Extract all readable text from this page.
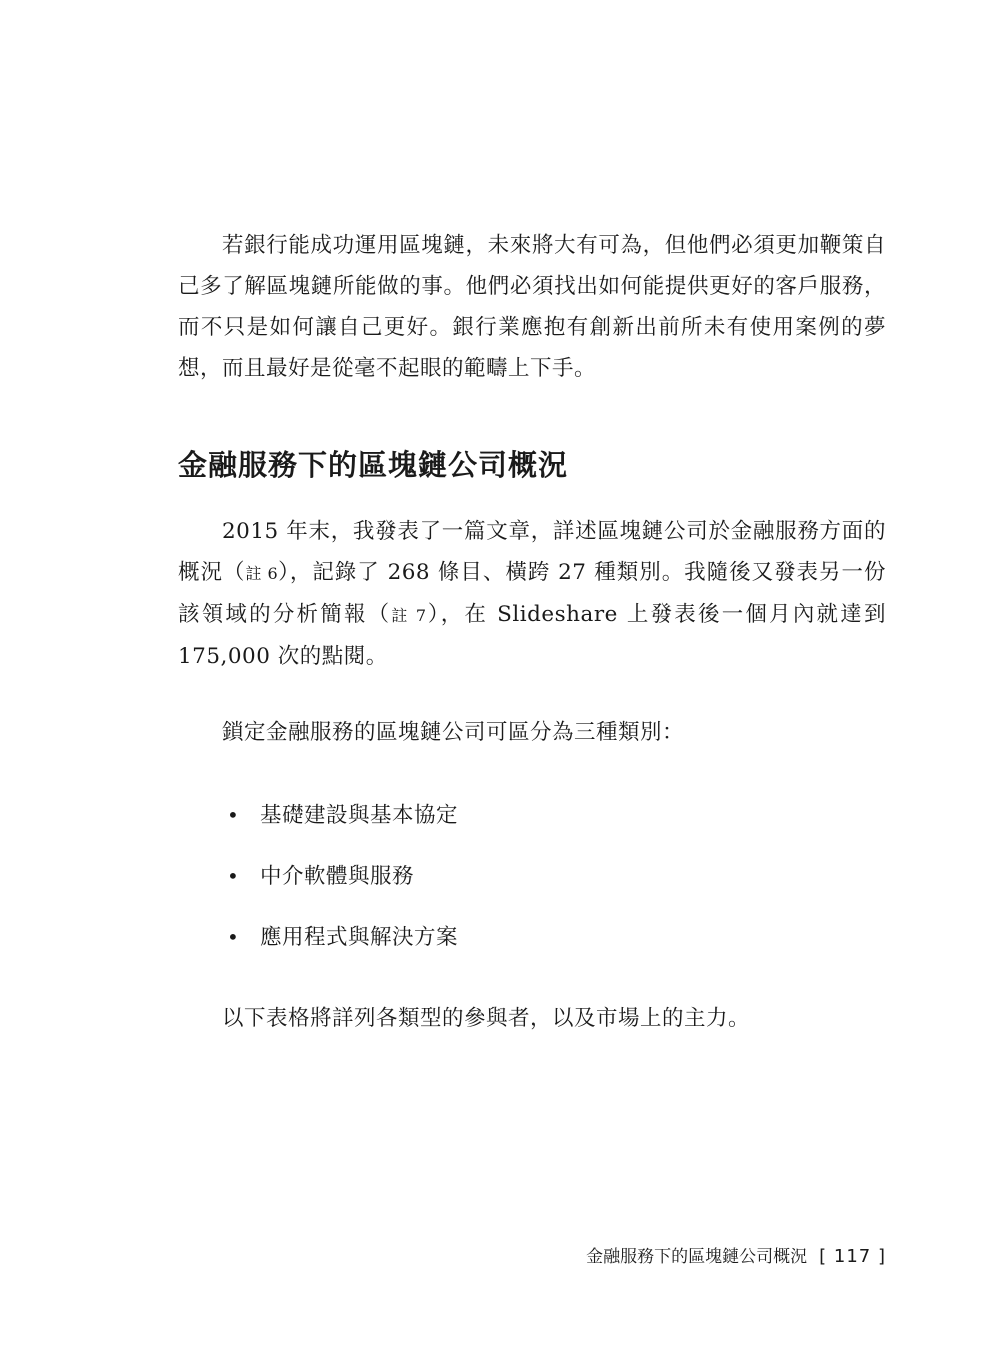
若銀行能成功運用區塊鏈，未來將大有可為，但他們必須更加鞭策自己多了解區塊鏈所能做的事。他們必須找出如何能提供更好的客戶服務，而不只是如何讓自己更好。銀行業應抱有創新出前所未有使用案例的夢想，而且最好是從毫不起眼的範疇上下手。

金融服務下的區塊鏈公司概況

2015 年末，我發表了一篇文章，詳述區塊鏈公司於金融服務方面的概況（註 6），記錄了 268 條目、橫跨 27 種類別。我隨後又發表另一份該領域的分析簡報（註 7），在 Slideshare 上發表後一個月內就達到 175,000 次的點閱。

鎖定金融服務的區塊鏈公司可區分為三種類別：

• 基礎建設與基本協定
• 中介軟體與服務
• 應用程式與解決方案

以下表格將詳列各類型的參與者，以及市場上的主力。

金融服務下的區塊鏈公司概況 [ 117 ]
